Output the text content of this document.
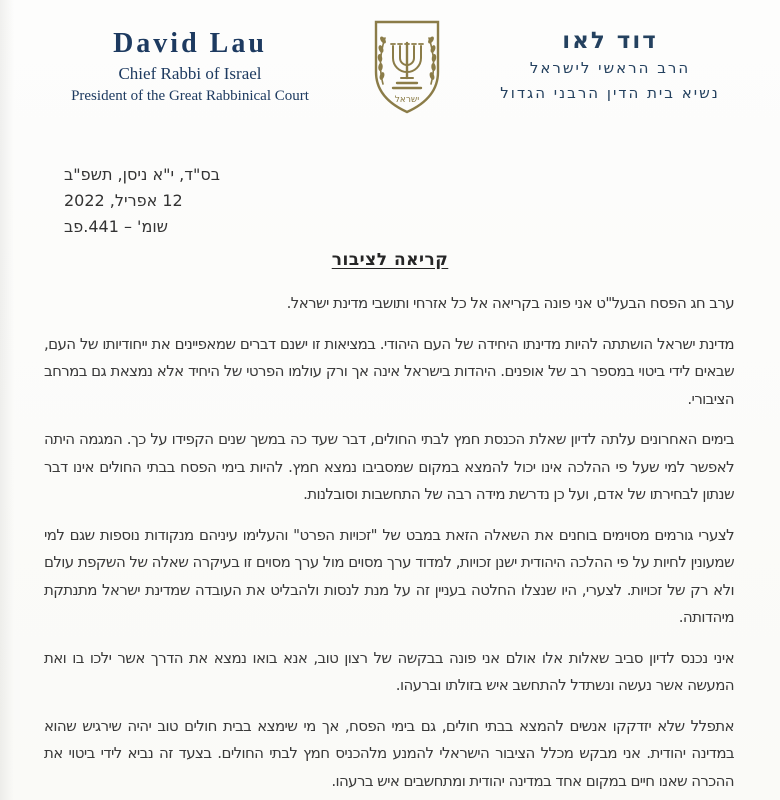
David Lau
Chief Rabbi of Israel
President of the Great Rabbinical Court	ישראל
דוד לאו
הרב הראשי לישראל
נשיא בית הדין הרבני הגדול
בס"ד, י"א ניסן, תשפ"ב
12 אפריל, 2022
שומ' – 441.פב
קריאה לציבור

ערב חג הפסח הבעל"ט אני פונה בקריאה אל כל אזרחי ותושבי מדינת ישראל.

מדינת ישראל הושתתה להיות מדינתו היחידה של העם היהודי. במציאות זו ישנם דברים שמאפיינים את ייחודיותו של העם, שבאים לידי ביטוי במספר רב של אופנים. היהדות בישראל אינה אך ורק עולמו הפרטי של היחיד אלא נמצאת גם במרחב הציבורי.

בימים האחרונים עלתה לדיון שאלת הכנסת חמץ לבתי החולים, דבר שעד כה במשך שנים הקפידו על כך. המגמה היתה לאפשר למי שעל פי ההלכה אינו יכול להמצא במקום שמסביבו נמצא חמץ. להיות בימי הפסח בבתי החולים אינו דבר שנתון לבחירתו של אדם, ועל כן נדרשת מידה רבה של התחשבות וסובלנות.

לצערי גורמים מסוימים בוחנים את השאלה הזאת במבט של "זכויות הפרט" והעלימו עיניהם מנקודות נוספות שגם למי שמעונין לחיות על פי ההלכה היהודית ישנן זכויות, למדוד ערך מסוים מול ערך מסוים זו בעיקרה שאלה של השקפת עולם ולא רק של זכויות. לצערי, היו שנצלו החלטה בעניין זה על מנת לנסות ולהבליט את העובדה שמדינת ישראל מתנתקת מיהדותה.

איני נכנס לדיון סביב שאלות אלו אולם אני פונה בבקשה של רצון טוב, אנא בואו נמצא את הדרך אשר ילכו בו ואת המעשה אשר נעשה ונשתדל להתחשב איש בזולתו וברעהו.

אתפלל שלא יזדקקו אנשים להמצא בבתי חולים, גם בימי הפסח, אך מי שימצא בבית חולים טוב יהיה שירגיש שהוא במדינה יהודית. אני מבקש מכלל הציבור הישראלי להמנע מלהכניס חמץ לבתי החולים. בצעד זה נביא לידי ביטוי את ההכרה שאנו חיים במקום אחד במדינה יהודית ומתחשבים איש ברעהו.
